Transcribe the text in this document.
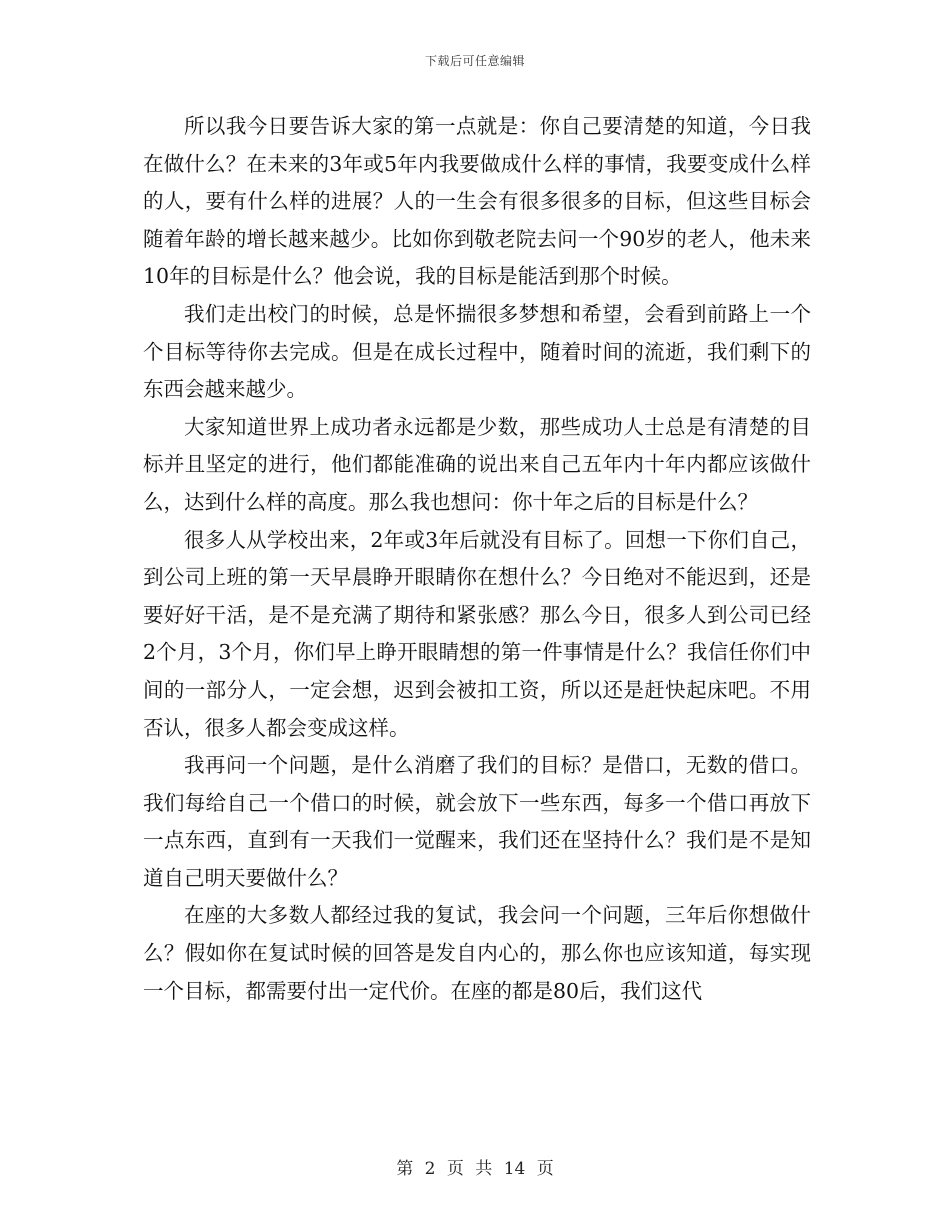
下载后可任意编辑

所以我今日要告诉大家的第一点就是：你自己要清楚的知道，今日我在做什么？在未来的3年或5年内我要做成什么样的事情，我要变成什么样的人，要有什么样的进展？人的一生会有很多很多的目标，但这些目标会随着年龄的增长越来越少。比如你到敬老院去问一个90岁的老人，他未来10年的目标是什么？他会说，我的目标是能活到那个时候。

我们走出校门的时候，总是怀揣很多梦想和希望，会看到前路上一个个目标等待你去完成。但是在成长过程中，随着时间的流逝，我们剩下的东西会越来越少。

大家知道世界上成功者永远都是少数，那些成功人士总是有清楚的目标并且坚定的进行，他们都能准确的说出来自己五年内十年内都应该做什么，达到什么样的高度。那么我也想问：你十年之后的目标是什么？

很多人从学校出来，2年或3年后就没有目标了。回想一下你们自己，到公司上班的第一天早晨睁开眼睛你在想什么？今日绝对不能迟到，还是要好好干活，是不是充满了期待和紧张感？那么今日，很多人到公司已经2个月，3个月，你们早上睁开眼睛想的第一件事情是什么？我信任你们中间的一部分人，一定会想，迟到会被扣工资，所以还是赶快起床吧。不用否认，很多人都会变成这样。

我再问一个问题，是什么消磨了我们的目标？是借口，无数的借口。我们每给自己一个借口的时候，就会放下一些东西，每多一个借口再放下一点东西，直到有一天我们一觉醒来，我们还在坚持什么？我们是不是知道自己明天要做什么？

在座的大多数人都经过我的复试，我会问一个问题，三年后你想做什么？假如你在复试时候的回答是发自内心的，那么你也应该知道，每实现一个目标，都需要付出一定代价。在座的都是80后，我们这代

第 2 页 共 14 页
